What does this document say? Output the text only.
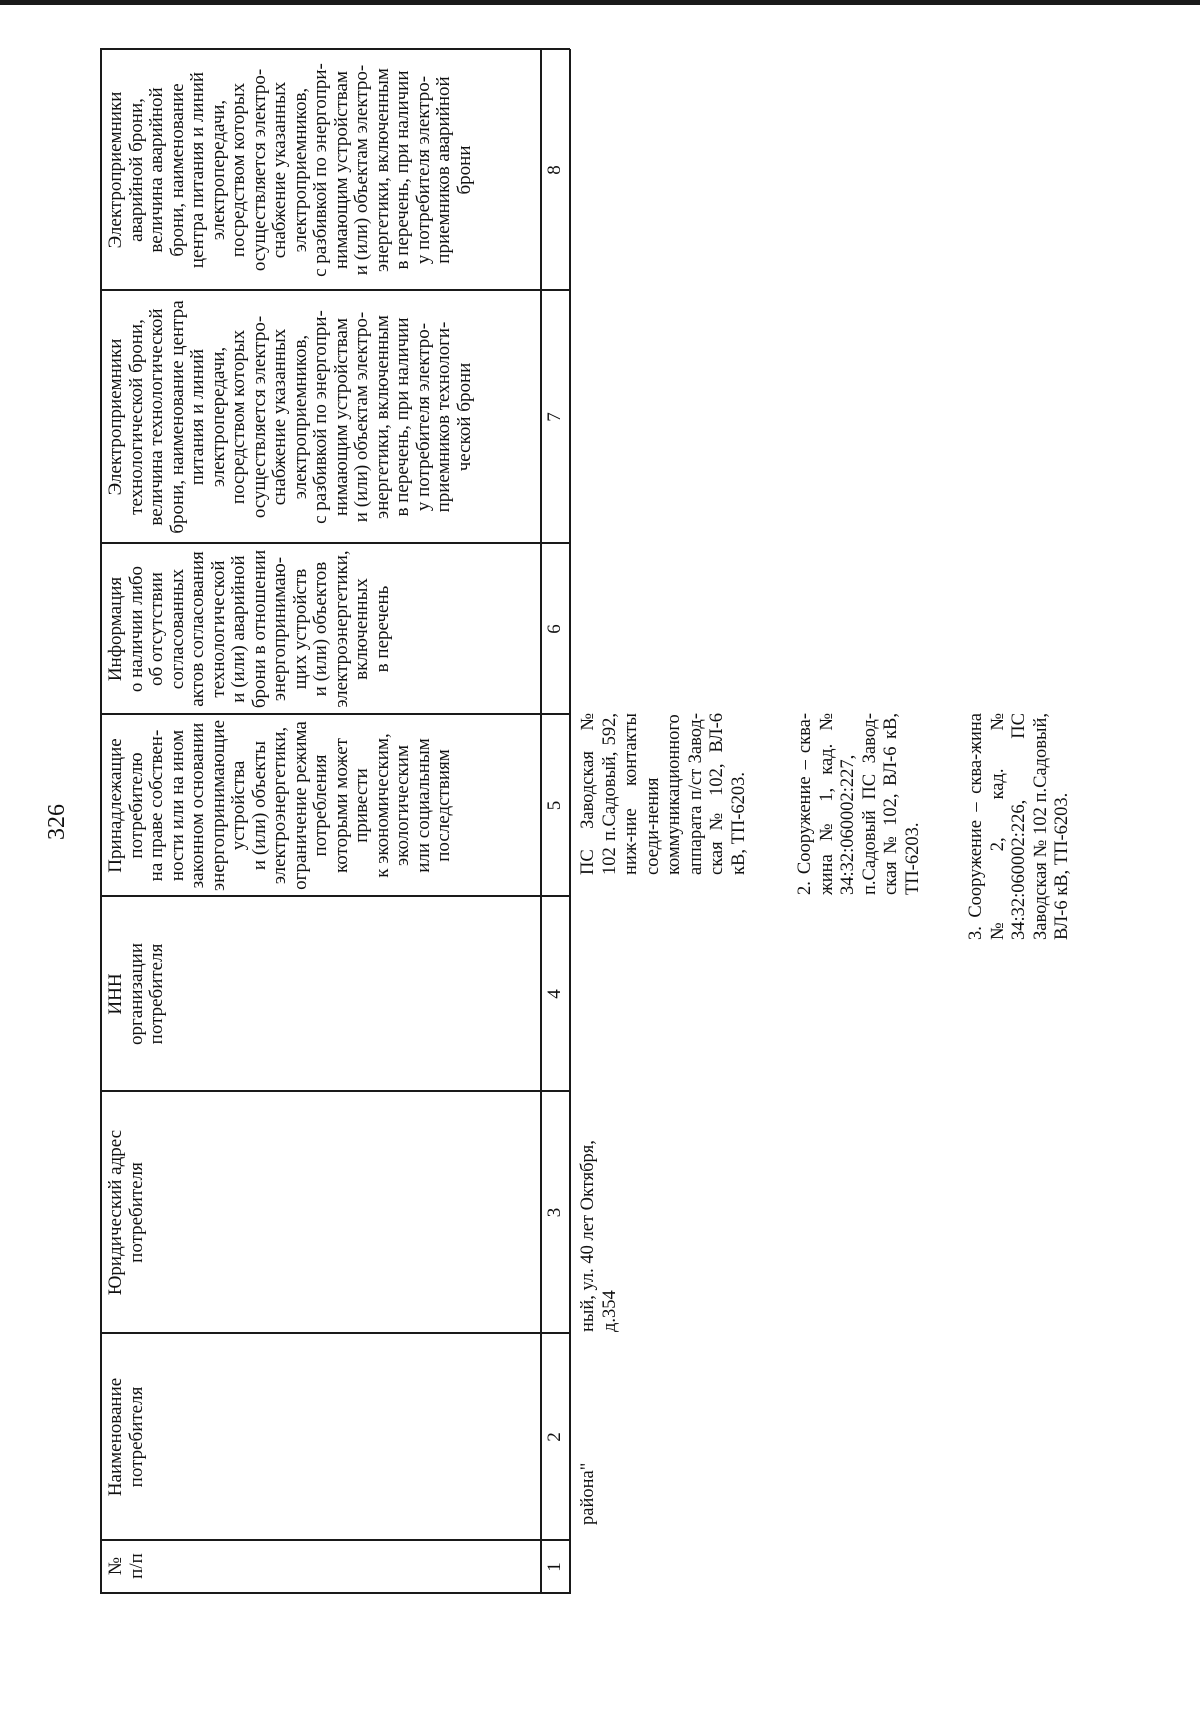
326
№
п/п
Наименование
потребителя
Юридический адрес
потребителя
ИНН
организации
потребителя
Принадлежащие
потребителю
на праве собствен-
ности или на ином
законном основании
энергопринимающие
устройства
и (или) объекты
электроэнергетики,
ограничение режима
потребления
которыми может
привести
к экономическим,
экологическим
или социальным
последствиям
Информация
о наличии либо
об отсутствии
согласованных
актов согласования
технологической
и (или) аварийной
брони в отношении
энергопринимаю-
щих устройств
и (или) объектов
электроэнергетики,
включенных
в перечень
Электроприемники
технологической брони,
величина технологической
брони, наименование центра
питания и линий
электропередачи,
посредством которых
осуществляется электро-
снабжение указанных
электроприемников,
с разбивкой по энергопри-
нимающим устройствам
и (или) объектам электро-
энергетики, включенным
в перечень, при наличии
у потребителя электро-
приемников технологи-
ческой брони
Электроприемники
аварийной брони,
величина аварийной
брони, наименование
центра питания и линий
электропередачи,
посредством которых
осуществляется электро-
снабжение указанных
электроприемников,
с разбивкой по энергопри-
нимающим устройствам
и (или) объектам электро-
энергетики, включенным
в перечень, при наличии
у потребителя электро-
приемников аварийной
брони
1
2
3
4
5
6
7
8
района"
ный, ул. 40 лет Октября, д.354
ПС Заводская № 102 п.Садовый, 592, ниж-ние контакты соеди-нения коммуникационного аппарата п/ст Завод-ская № 102, ВЛ-6 кВ, ТП-6203.	2. Сооружение – сква-жина № 1, кад. № 34:32:060002:227, п.Садовый ПС Завод-ская № 102, ВЛ-6 кВ, ТП-6203. 3. Сооружение – сква-жина № 2, кад. № 34:32:060002:226, ПС Заводская № 102 п.Садовый, ВЛ-6 кВ, ТП-6203.
